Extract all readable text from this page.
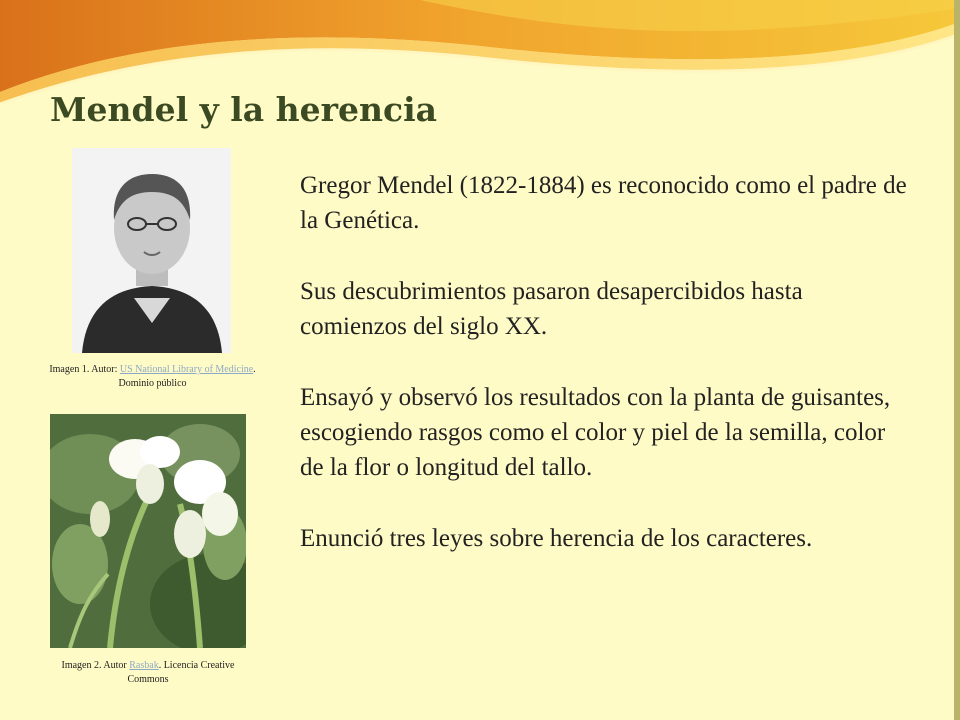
Mendel y la herencia
Imagen 1. Autor: US National Library of Medicine. Dominio público
Imagen 2. Autor Rasbak. Licencia Creative Commons

Gregor Mendel (1822-1884) es reconocido como el padre de la Genética.

Sus descubrimientos pasaron desapercibidos hasta comienzos del siglo XX.

Ensayó y observó los resultados con la planta de guisantes, escogiendo rasgos como el color y piel de la semilla, color de la flor o longitud del tallo.

Enunció tres leyes sobre herencia de los caracteres.
